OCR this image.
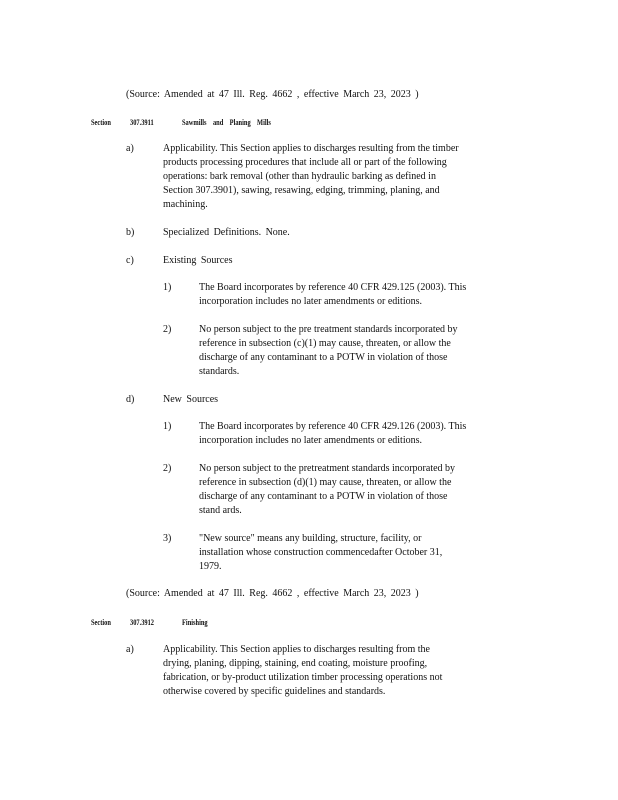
(Source: Amended at 47 Ill. Reg. 4662 , effective March 23, 2023 )
Section 307.3911	Sawmills and Planing Mills
a)	Applicability. This Section applies to discharges resulting from the timber
products processing procedures that include all or part of the following
operations: bark removal (other than hydraulic barking as defined in
Section 307.3901), sawing, resawing, edging, trimming, planing, and
machining.
b)	Specialized Definitions. None.
c)	Existing Sources
1)	The Board incorporates by reference 40 CFR 429.125 (2003). This
incorporation includes no later amendments or editions.
2)	No person subject to the pre treatment standards incorporated by
reference in subsection (c)(1) may cause, threaten, or allow the
discharge of any contaminant to a POTW in violation of those
standards.
d)	New Sources
1)	The Board incorporates by reference 40 CFR 429.126 (2003). This
incorporation includes no later amendments or editions.
2)	No person subject to the pretreatment standards incorporated by
reference in subsection (d)(1) may cause, threaten, or allow the
discharge of any contaminant to a POTW in violation of those
stand ards.
3)	"New source" means any building, structure, facility, or
installation whose construction commencedafter October 31,
1979.
(Source: Amended at 47 Ill. Reg. 4662 , effective March 23, 2023 )
Section 307.3912	Finishing
a)	Applicability. This Section applies to discharges resulting from the
drying, planing, dipping, staining, end coating, moisture proofing,
fabrication, or by-product utilization timber processing operations not
otherwise covered by specific guidelines and standards.
